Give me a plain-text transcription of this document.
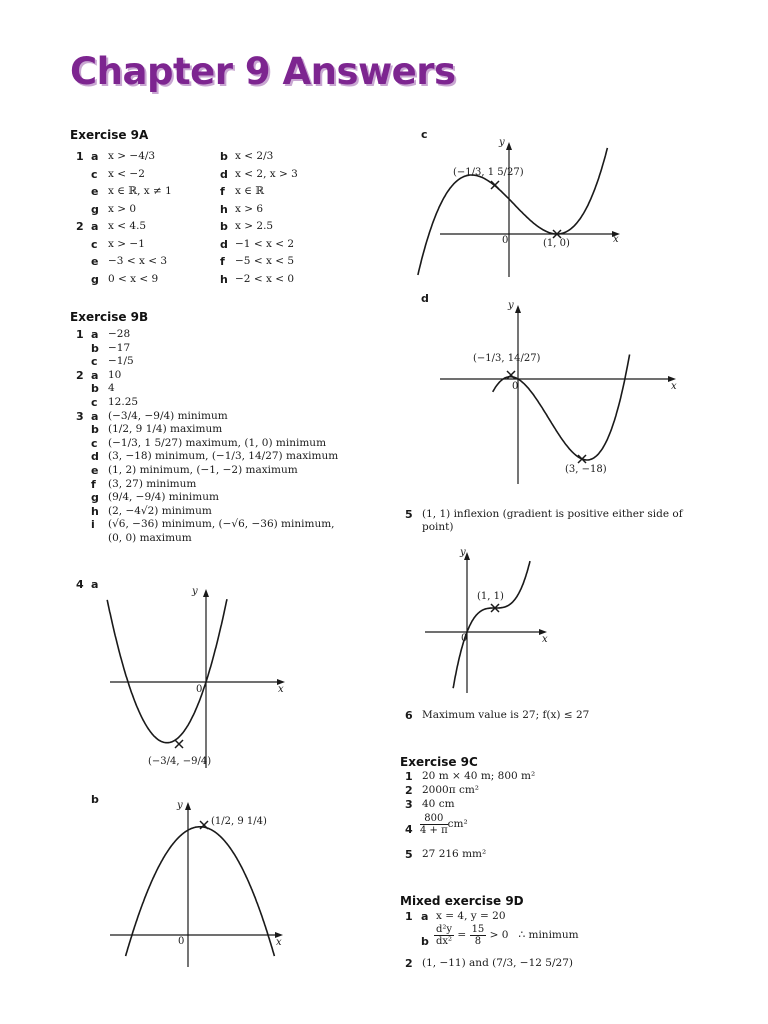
Chapter 9 Answers
Exercise 9A
1 a x > −4/3	b x < 2/3
c x < −2	d x < 2, x > 3
e x ∈ ℝ, x ≠ 1	f x ∈ ℝ
g x > 0	h x > 6
2 a x < 4.5	b x > 2.5
c x > −1	d −1 < x < 2
e −3 < x < 3	f −5 < x < 5
g 0 < x < 9	h −2 < x < 0
Exercise 9B
1 a −28
b −17
c −1/5
2 a 10
b 4
c 12.25
3 a (−3/4, −9/4) minimum
b (1/2, 9 1/4) maximum
c (−1/3, 1 5/27) maximum, (1, 0) minimum
d (3, −18) minimum, (−1/3, 14/27) maximum
e (1, 2) minimum, (−1, −2) maximum
f (3, 27) minimum
g (9/4, −9/4) minimum
h (2, −4√2) minimum
i (√6, −36) minimum, (−√6, −36) minimum,
(0, 0) maximum
4 a
b
x
y
0
(−3/4, −9/4)
x
y
0
(1/2, 9 1/4)
c
x
y
0
(−1/3, 1 5/27)
(1, 0)
d
x
y
0
(−1/3, 14/27)
(3, −18)
5 (1, 1) inflexion (gradient is positive either side of
point)
x
y
0
(1, 1)
6 Maximum value is 27; f(x) ≤ 27
Exercise 9C
1 20 m × 40 m; 800 m²
2 2000π cm²
3 40 cm
$4 \frac{800}{4 + \pi} cm^2$
5 27 216 mm²
Mixed exercise 9D
1 a x = 4, y = 20
b $\frac{\text{d²y}}{\text{dx²}} = \frac{15}{8} > 0$   ∴ minimum
2 (1, −11) and (7/3, −12 5/27)
